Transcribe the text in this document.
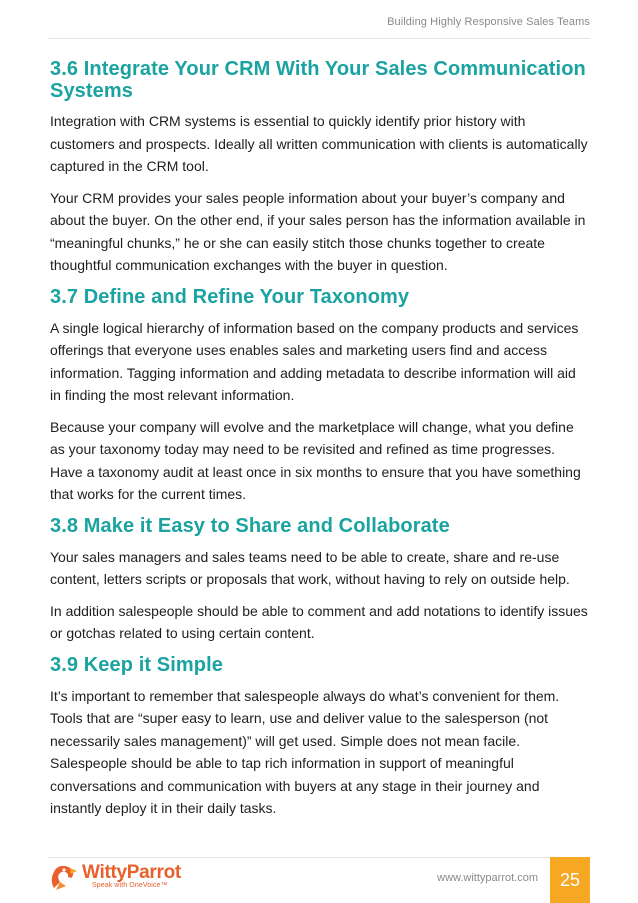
Building Highly Responsive Sales Teams
3.6 Integrate Your CRM With Your Sales Communication Systems

Integration with CRM systems is essential to quickly identify prior history with customers and prospects. Ideally all written communication with clients is automatically captured in the CRM tool.

Your CRM provides your sales people information about your buyer’s company and about the buyer. On the other end, if your sales person has the information available in “meaningful chunks,” he or she can easily stitch those chunks together to create thoughtful communication exchanges with the buyer in question.

3.7 Define and Refine Your Taxonomy

A single logical hierarchy of information based on the company products and services offerings that everyone uses enables sales and marketing users find and access information. Tagging information and adding metadata to describe information will aid in finding the most relevant information.

Because your company will evolve and the marketplace will change, what you define as your taxonomy today may need to be revisited and refined as time progresses. Have a taxonomy audit at least once in six months to ensure that you have something that works for the current times.

3.8 Make it Easy to Share and Collaborate

Your sales managers and sales teams need to be able to create, share and re-use content, letters scripts or proposals that work, without having to rely on outside help.

In addition salespeople should be able to comment and add notations to identify issues or gotchas related to using certain content.

3.9 Keep it Simple

It’s important to remember that salespeople always do what’s convenient for them. Tools that are “super easy to learn, use and deliver value to the salesperson (not necessarily sales management)” will get used. Simple does not mean facile. Salespeople should be able to tap rich information in support of meaningful conversations and communication with buyers at any stage in their journey and instantly deploy it in their daily tasks.

WittyParrot
Speak with OneVoice™
www.wittyparrot.com	25
